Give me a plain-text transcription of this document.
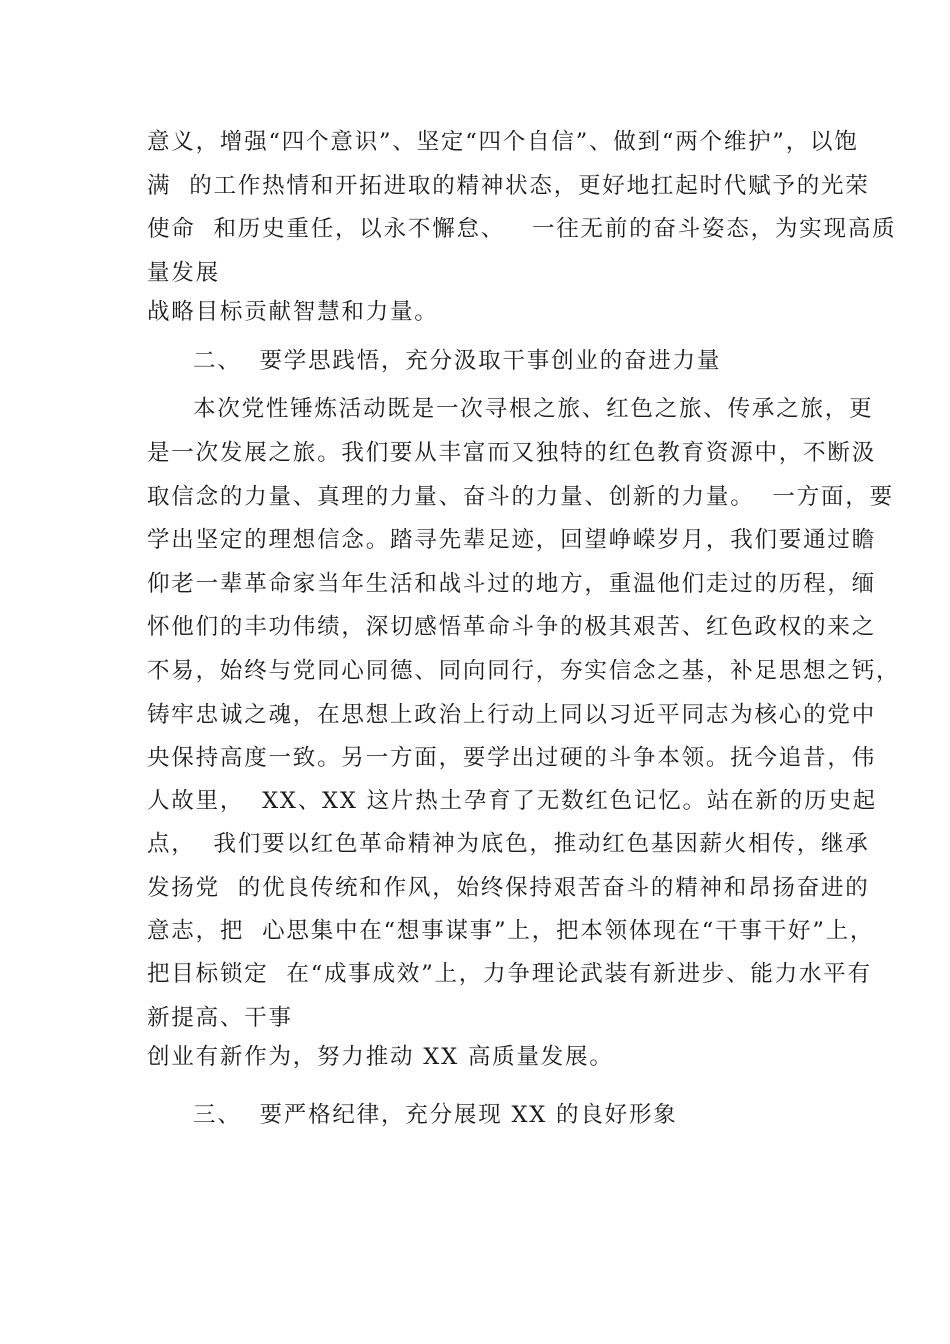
意义，增强“四个意识”、坚定“四个自信”、做到“两个维护”，以饱
满  的工作热情和开拓进取的精神状态，更好地扛起时代赋予的光荣
使命  和历史重任，以永不懈怠、   一往无前的奋斗姿态，为实现高质
量发展
战略目标贡献智慧和力量。
二、  要学思践悟，充分汲取干事创业的奋进力量
本次党性锤炼活动既是一次寻根之旅、红色之旅、传承之旅，更
是一次发展之旅。我们要从丰富而又独特的红色教育资源中，不断汲
取信念的力量、真理的力量、奋斗的力量、创新的力量。  一方面，要
学出坚定的理想信念。踏寻先辈足迹，回望峥嵘岁月，我们要通过瞻
仰老一辈革命家当年生活和战斗过的地方，重温他们走过的历程，缅
怀他们的丰功伟绩，深切感悟革命斗争的极其艰苦、红色政权的来之
不易，始终与党同心同德、同向同行，夯实信念之基，补足思想之钙，
铸牢忠诚之魂，在思想上政治上行动上同以习近平同志为核心的党中
央保持高度一致。另一方面，要学出过硬的斗争本领。抚今追昔，伟
人故里，  XX、XX 这片热土孕育了无数红色记忆。站在新的历史起
点，  我们要以红色革命精神为底色，推动红色基因薪火相传，继承
发扬党  的优良传统和作风，始终保持艰苦奋斗的精神和昂扬奋进的
意志，把  心思集中在“想事谋事”上，把本领体现在“干事干好”上，
把目标锁定  在“成事成效”上，力争理论武装有新进步、能力水平有
新提高、干事
创业有新作为，努力推动 XX 高质量发展。
三、  要严格纪律，充分展现 XX 的良好形象
